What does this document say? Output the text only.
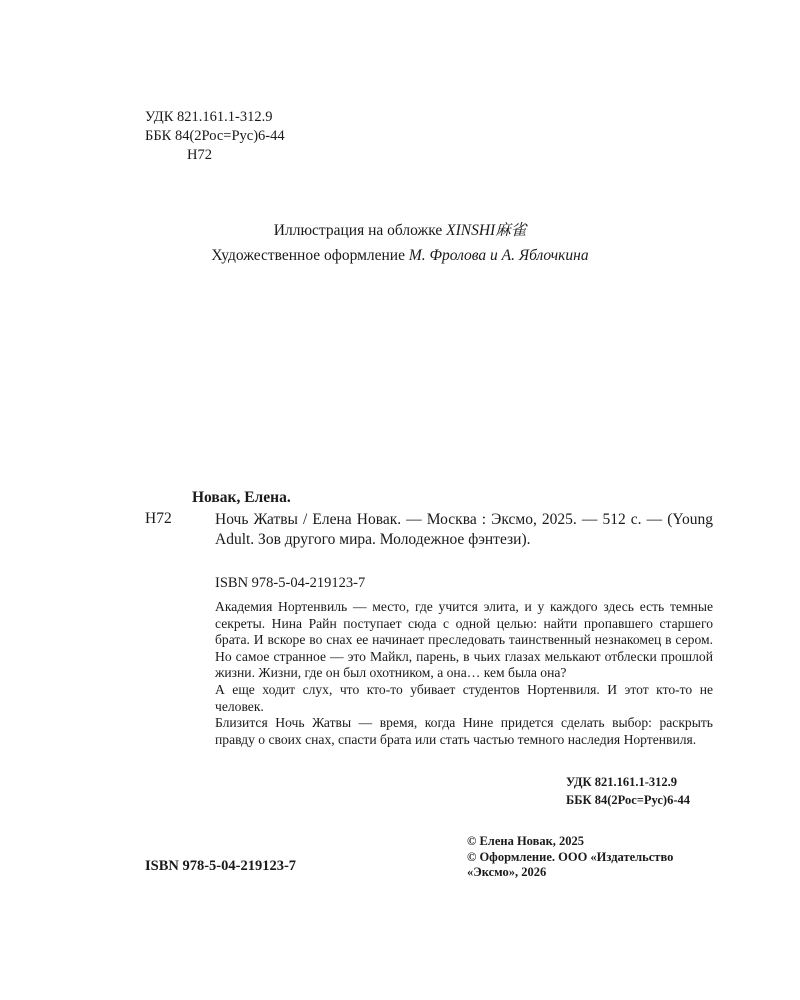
УДК 821.161.1-312.9
ББК 84(2Рос=Рус)6-44
Н72
Иллюстрация на обложке XINSHI麻雀
Художественное оформление М. Фролова и А. Яблочкина
Новак, Елена.
Н72	Ночь Жатвы / Елена Новак. — Москва : Эксмо, 2025. — 512 с. — (Young Adult. Зов другого мира. Молодежное фэнтези).
ISBN 978-5-04-219123-7

Академия Нортенвиль — место, где учится элита, и у каждого здесь есть темные секреты. Нина Райн поступает сюда с одной целью: найти пропавшего старшего брата. И вскоре во снах ее начинает преследовать таинственный незнакомец в сером. Но самое странное — это Майкл, парень, в чьих глазах мелькают отблески прошлой жизни. Жизни, где он был охотником, а она… кем была она?

А еще ходит слух, что кто-то убивает студентов Нортенвиля. И этот кто-то не человек.

Близится Ночь Жатвы — время, когда Нине придется сделать выбор: раскрыть правду о своих снах, спасти брата или стать частью темного наследия Нортенвиля.

УДК 821.161.1-312.9
ББК 84(2Рос=Рус)6-44
© Елена Новак, 2025
© Оформление. ООО «Издательство «Эксмо», 2026
ISBN 978-5-04-219123-7
